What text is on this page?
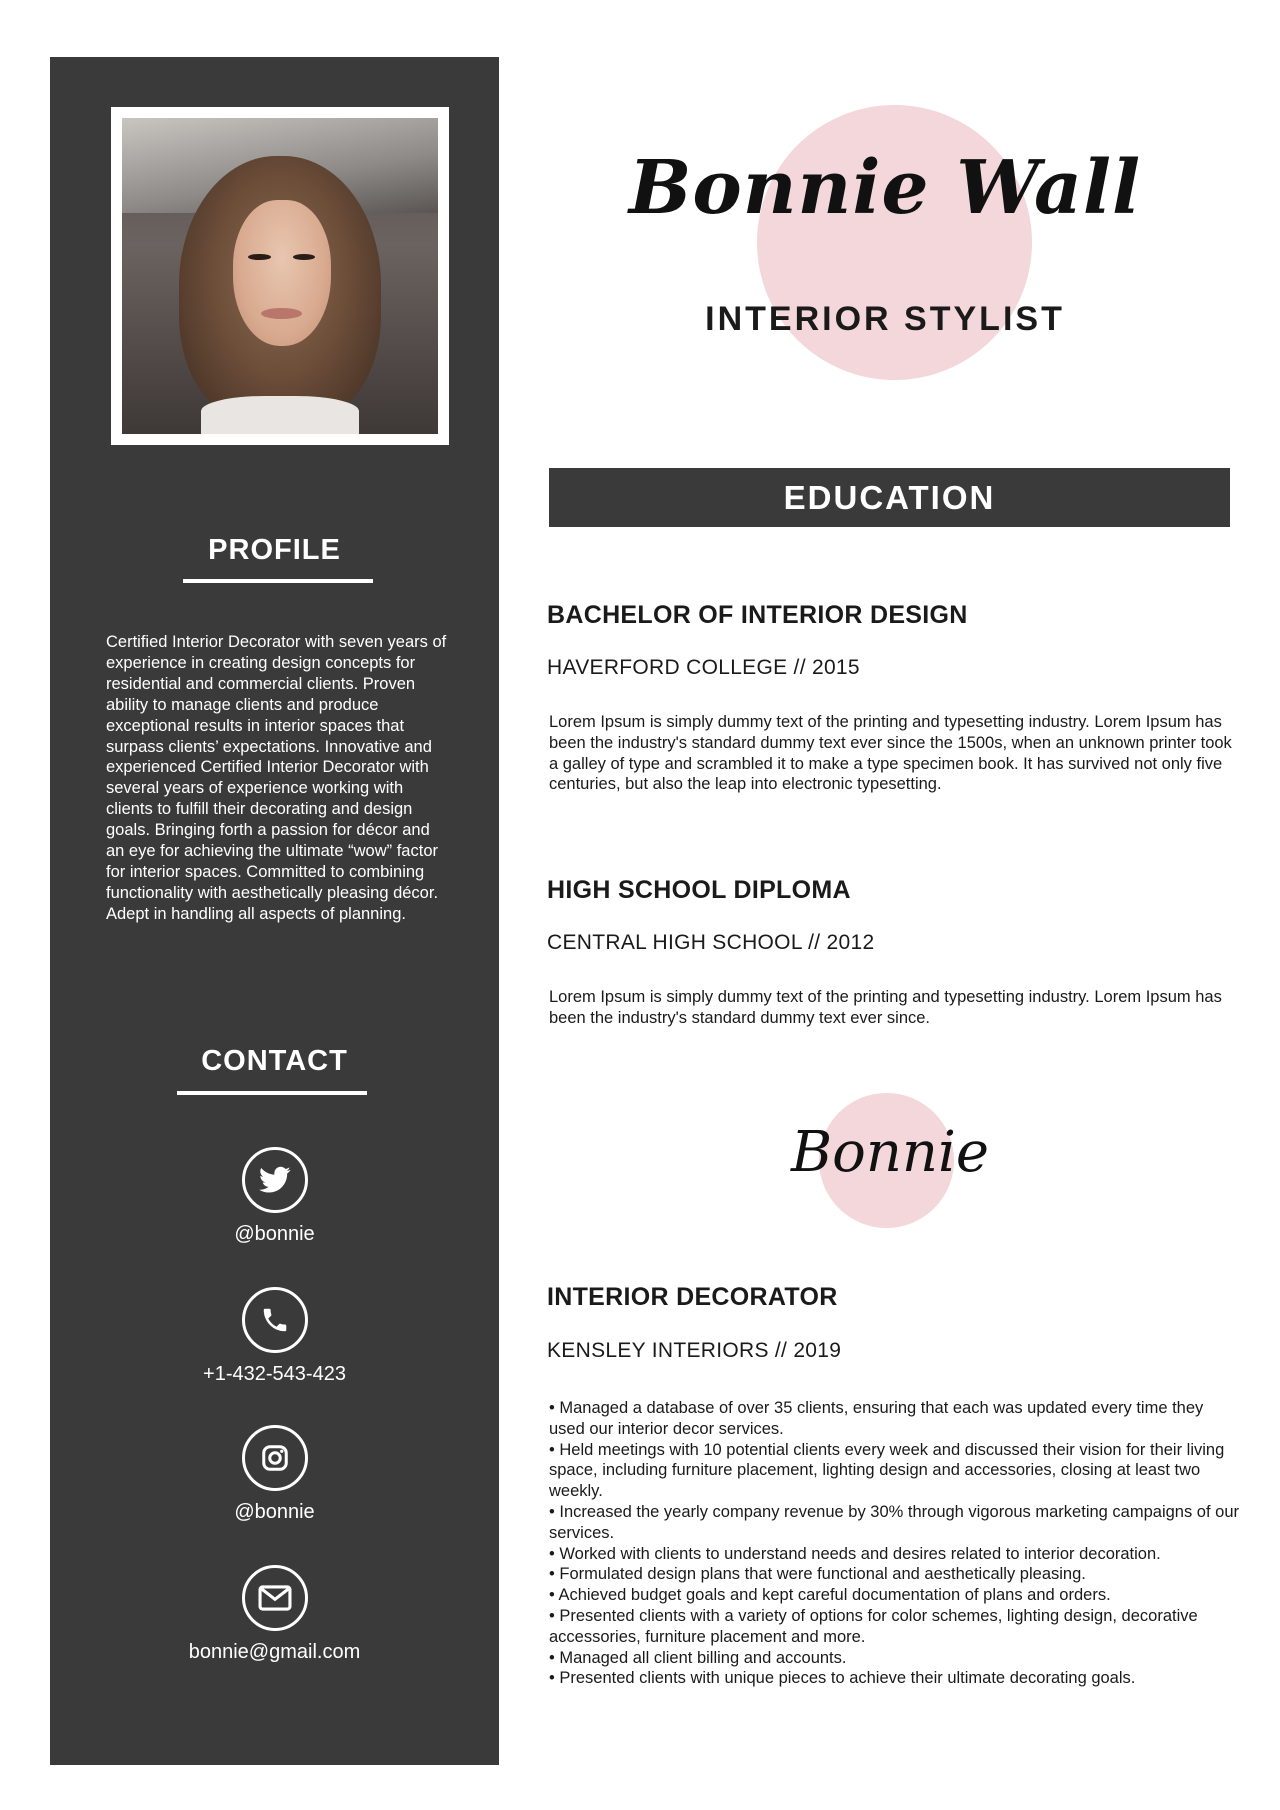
PROFILE

Certified Interior Decorator with seven years of experience in creating design concepts for residential and commercial clients. Proven ability to manage clients and produce exceptional results in interior spaces that surpass clients’ expectations. Innovative and experienced Certified Interior Decorator with several years of experience working with clients to fulfill their decorating and design goals. Bringing forth a passion for décor and an eye for achieving the ultimate “wow” factor for interior spaces. Committed to combining functionality with aesthetically pleasing décor. Adept in handling all aspects of planning.

CONTACT
@bonnie
+1-432-543-423
@bonnie
bonnie@gmail.com
Bonnie Wall
INTERIOR STYLIST
EDUCATION
BACHELOR OF INTERIOR DESIGN

HAVERFORD COLLEGE // 2015

Lorem Ipsum is simply dummy text of the printing and typesetting industry. Lorem Ipsum has been the industry's standard dummy text ever since the 1500s, when an unknown printer took a galley of type and scrambled it to make a type specimen book. It has survived not only five centuries, but also the leap into electronic typesetting.

HIGH SCHOOL DIPLOMA

CENTRAL HIGH SCHOOL // 2012

Lorem Ipsum is simply dummy text of the printing and typesetting industry. Lorem Ipsum has been the industry's standard dummy text ever since.

Bonnie

INTERIOR DECORATOR

KENSLEY INTERIORS // 2019

• Managed a database of over 35 clients, ensuring that each was updated every time they used our interior decor services.
• Held meetings with 10 potential clients every week and discussed their vision for their living space, including furniture placement, lighting design and accessories, closing at least two weekly.
• Increased the yearly company revenue by 30% through vigorous marketing campaigns of our services.
• Worked with clients to understand needs and desires related to interior decoration.
• Formulated design plans that were functional and aesthetically pleasing.
• Achieved budget goals and kept careful documentation of plans and orders.
• Presented clients with a variety of options for color schemes, lighting design, decorative accessories, furniture placement and more.
• Managed all client billing and accounts.
• Presented clients with unique pieces to achieve their ultimate decorating goals.
